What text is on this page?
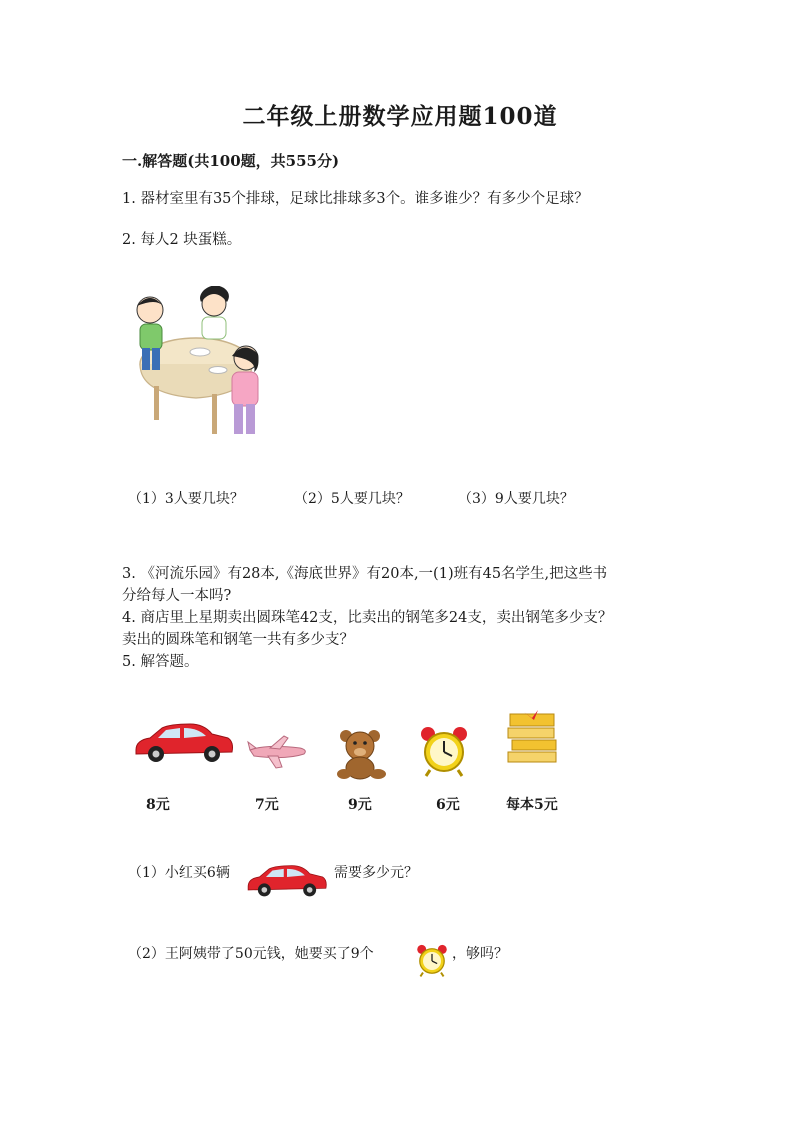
二年级上册数学应用题100道
一.解答题(共100题，共555分)
1. 器材室里有35个排球，足球比排球多3个。谁多谁少？有多少个足球？
2. 每人2 块蛋糕。
（1）3人要几块？	（2）5人要几块？	（3）9人要几块？
3. 《河流乐园》有28本,《海底世界》有20本,一(1)班有45名学生,把这些书
分给每人一本吗?
4. 商店里上星期卖出圆珠笔42支，比卖出的钢笔多24支，卖出钢笔多少支？
卖出的圆珠笔和钢笔一共有多少支？
5. 解答题。
8元	7元	9元	6元	每本5元
（1）小红买6辆	需要多少元？
（2）王阿姨带了50元钱，她要买了9个	，够吗？
